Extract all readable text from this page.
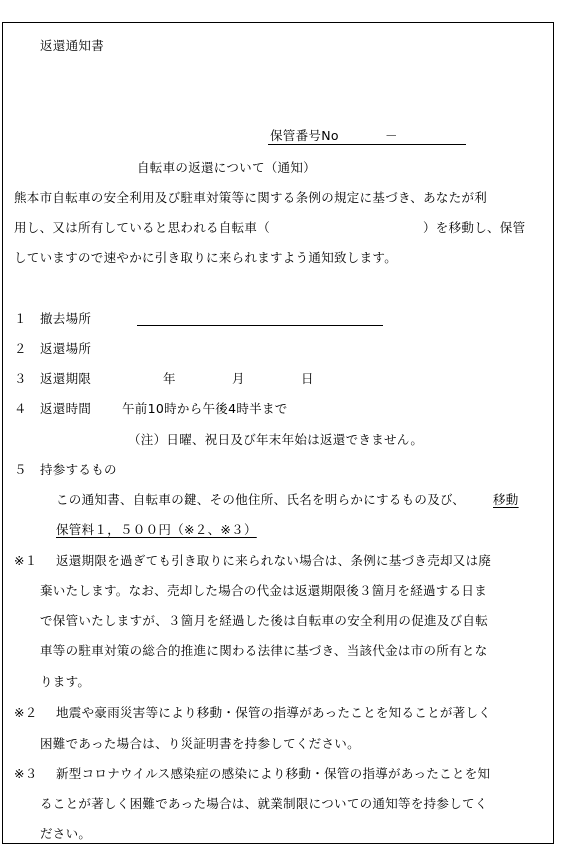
返還通知書
保管番号No	－
自転車の返還について（通知）
熊本市自転車の安全利用及び駐車対策等に関する条例の規定に基づき、あなたが利
用し、又は所有していると思われる自転車（	）を移動し、保管
していますので速やかに引き取りに来られますよう通知致します。
１ 撤去場所
２ 返還場所
３ 返還期限	年	月	日
４ 返還時間 午前10時から午後4時半まで
（注）日曜、祝日及び年末年始は返還できません。
５ 持参するもの
この通知書、自転車の鍵、その他住所、氏名を明らかにするもの及び、 移動
保管料１，５００円（※２、※３）
※１ 返還期限を過ぎても引き取りに来られない場合は、条例に基づき売却又は廃
棄いたします。なお、売却した場合の代金は返還期限後３箇月を経過する日ま
で保管いたしますが、３箇月を経過した後は自転車の安全利用の促進及び自転
車等の駐車対策の総合的推進に関わる法律に基づき、当該代金は市の所有とな
ります。
※２ 地震や豪雨災害等により移動・保管の指導があったことを知ることが著しく
困難であった場合は、り災証明書を持参してください。
※３ 新型コロナウイルス感染症の感染により移動・保管の指導があったことを知
ることが著しく困難であった場合は、就業制限についての通知等を持参してく
ださい。
